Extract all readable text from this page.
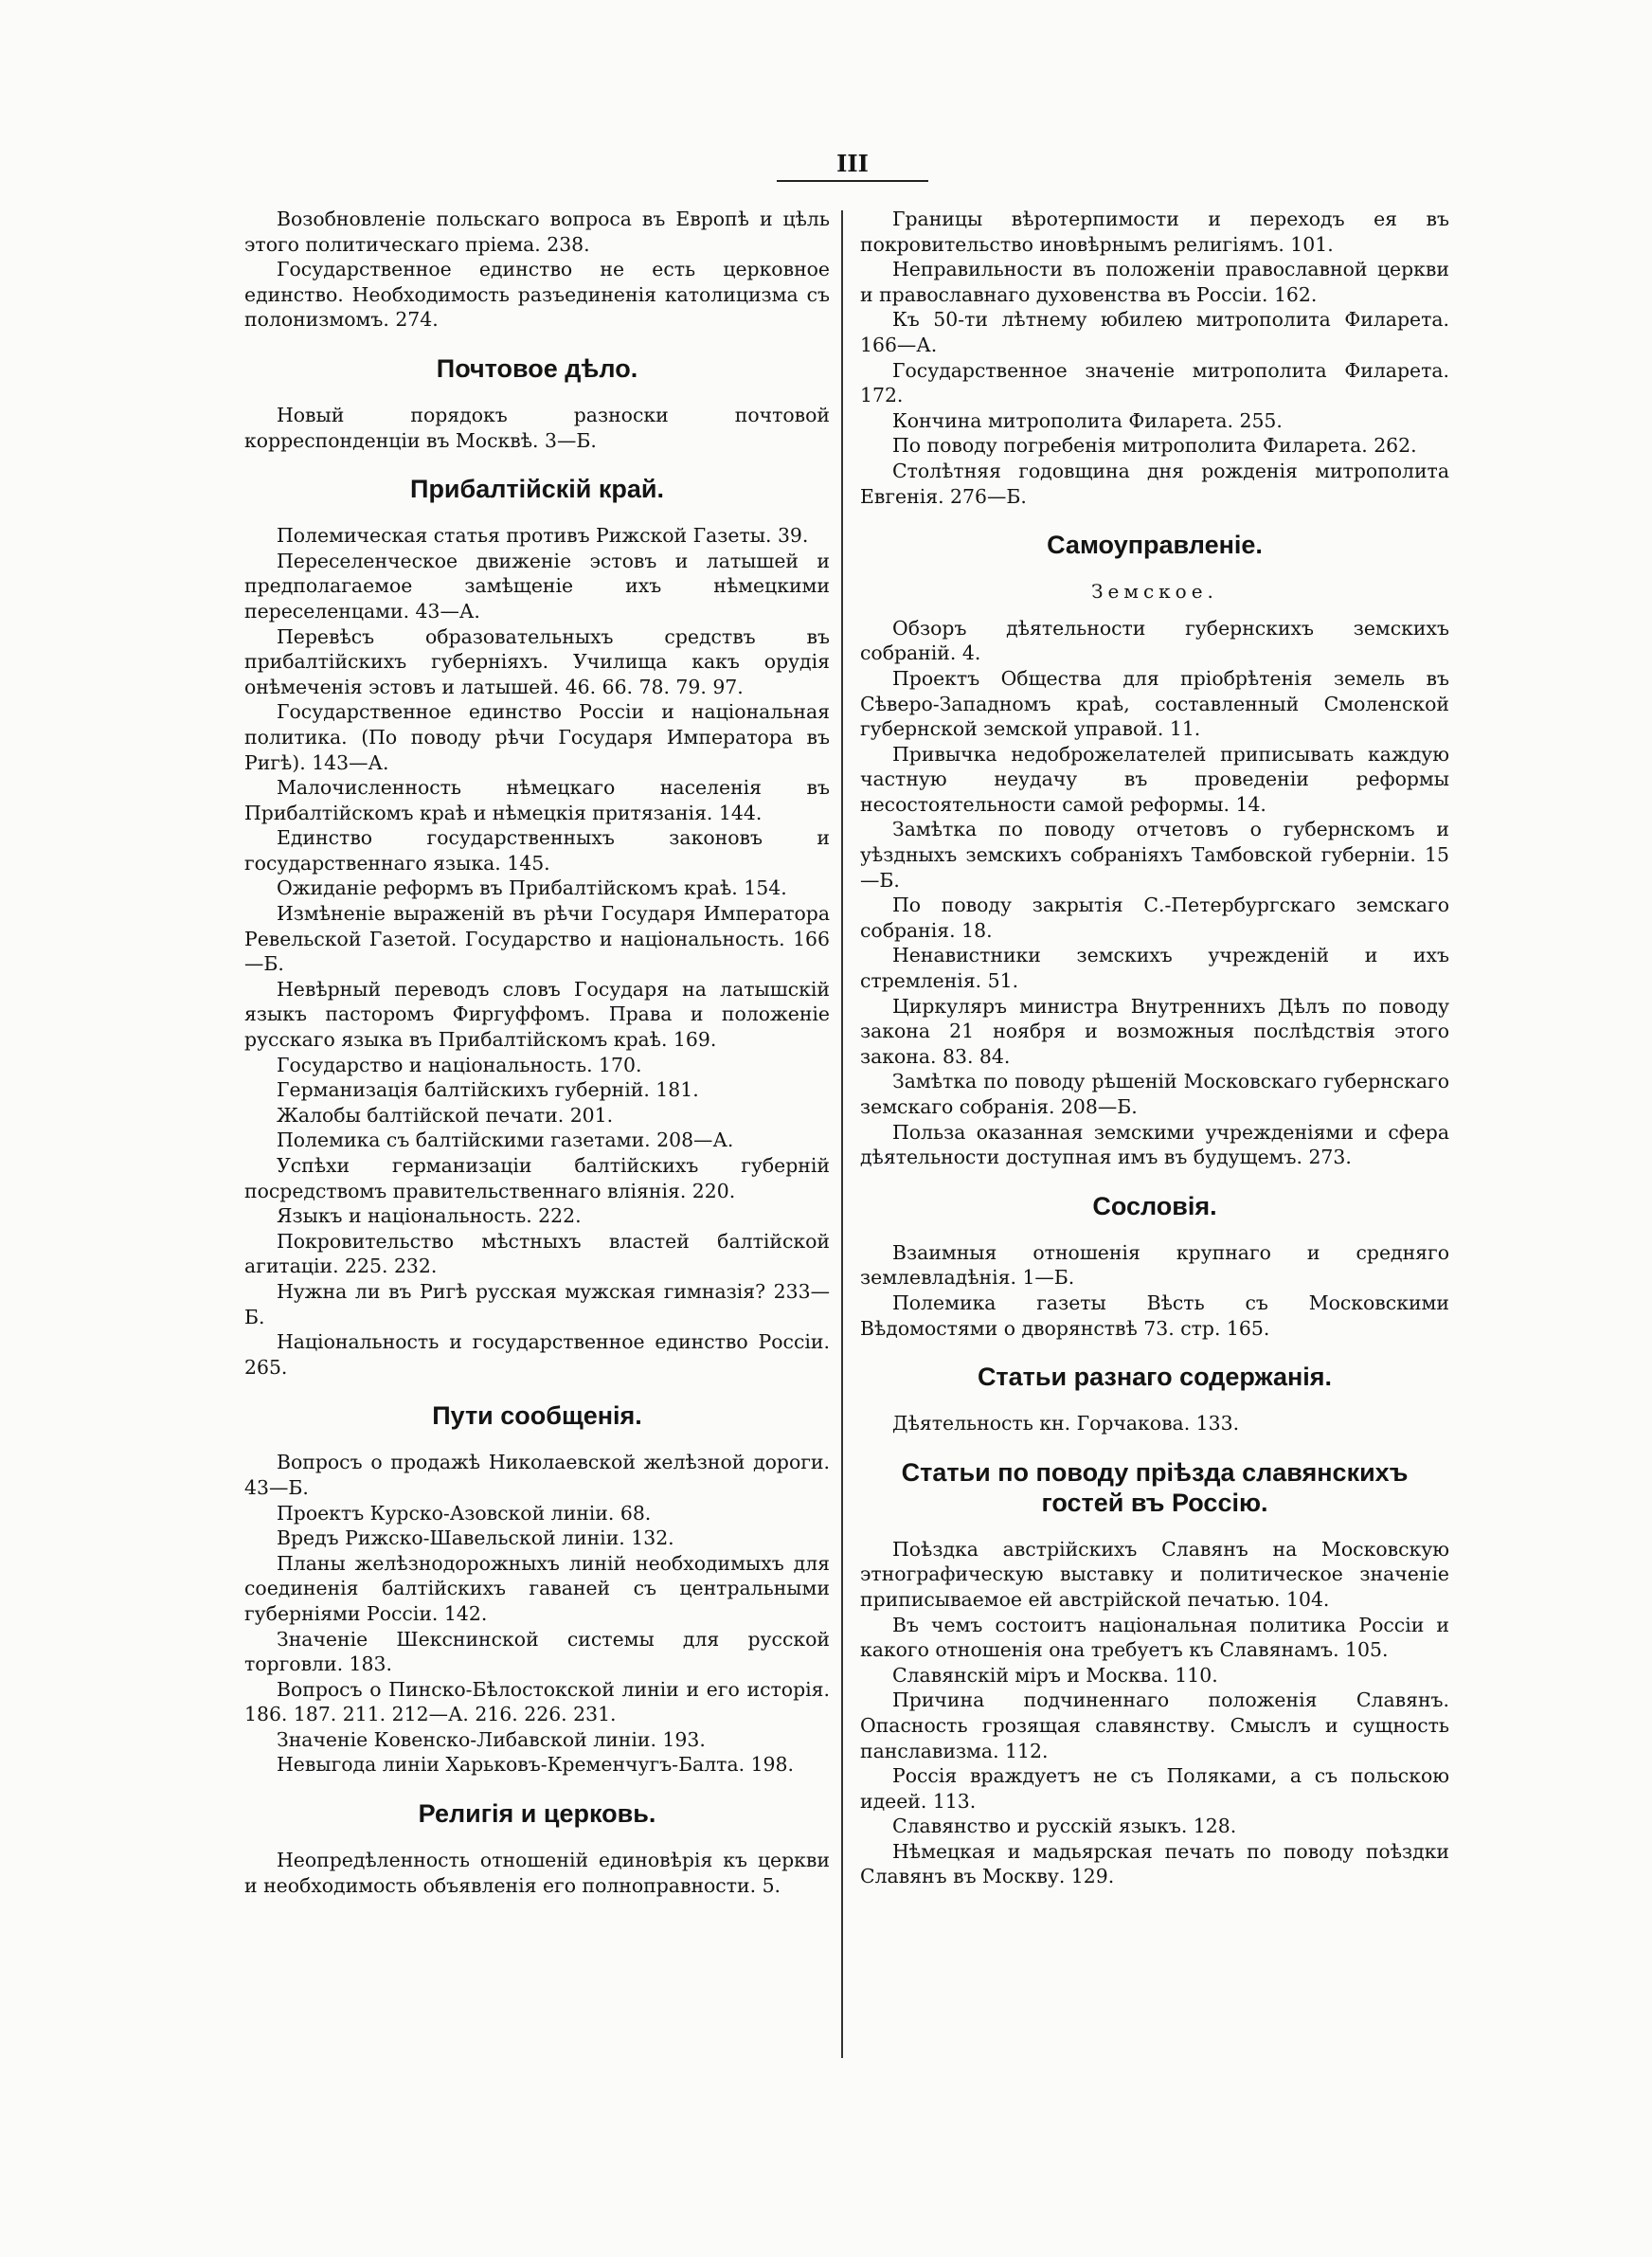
III

Возобновленіе польскаго вопроса въ Европѣ и цѣль этого политическаго пріема. 238.

Государственное единство не есть церковное единство. Необходимость разъединенія католицизма съ полонизмомъ. 274.

Почтовое дѣло.

Новый порядокъ разноски почтовой корреспонденціи въ Москвѣ. 3—Б.

Прибалтійскій край.

Полемическая статья противъ Рижской Газеты. 39.

Переселенческое движеніе эстовъ и латышей и предполагаемое замѣщеніе ихъ нѣмецкими переселенцами. 43—А.

Перевѣсъ образовательныхъ средствъ въ прибалтійскихъ губерніяхъ. Училища какъ орудія онѣмеченія эстовъ и латышей. 46. 66. 78. 79. 97.

Государственное единство Россіи и національная политика. (По поводу рѣчи Государя Императора въ Ригѣ). 143—А.

Малочисленность нѣмецкаго населенія въ Прибалтійскомъ краѣ и нѣмецкія притязанія. 144.

Единство государственныхъ законовъ и государственнаго языка. 145.

Ожиданіе реформъ въ Прибалтійскомъ краѣ. 154.

Измѣненіе выраженій въ рѣчи Государя Императора Ревельской Газетой. Государство и національность. 166—Б.

Невѣрный переводъ словъ Государя на латышскій языкъ пасторомъ Фиргуффомъ. Права и положеніе русскаго языка въ Прибалтійскомъ краѣ. 169.

Государство и національность. 170.

Германизація балтійскихъ губерній. 181.

Жалобы балтійской печати. 201.

Полемика съ балтійскими газетами. 208—А.

Успѣхи германизаціи балтійскихъ губерній посредствомъ правительственнаго вліянія. 220.

Языкъ и національность. 222.

Покровительство мѣстныхъ властей балтійской агитаціи. 225. 232.

Нужна ли въ Ригѣ русская мужская гимназія? 233—Б.

Національность и государственное единство Россіи. 265.

Пути сообщенія.

Вопросъ о продажѣ Николаевской желѣзной дороги. 43—Б.

Проектъ Курско-Азовской линіи. 68.

Вредъ Рижско-Шавельской линіи. 132.

Планы желѣзнодорожныхъ линій необходимыхъ для соединенія балтійскихъ гаваней съ центральными губерніями Россіи. 142.

Значеніе Шекснинской системы для русской торговли. 183.

Вопросъ о Пинско-Бѣлостокской линіи и его исторія. 186. 187. 211. 212—А. 216. 226. 231.

Значеніе Ковенско-Либавской линіи. 193.

Невыгода линіи Харьковъ-Кременчугъ-Балта. 198.

Религія и церковь.

Неопредѣленность отношеній единовѣрія къ церкви и необходимость объявленія его полноправности. 5.

Границы вѣротерпимости и переходъ ея въ покровительство иновѣрнымъ религіямъ. 101.

Неправильности въ положеніи православной церкви и православнаго духовенства въ Россіи. 162.

Къ 50-ти лѣтнему юбилею митрополита Филарета. 166—А.

Государственное значеніе митрополита Филарета. 172.

Кончина митрополита Филарета. 255.

По поводу погребенія митрополита Филарета. 262.

Столѣтняя годовщина дня рожденія митрополита Евгенія. 276—Б.

Самоуправленіе.
Земское.

Обзоръ дѣятельности губернскихъ земскихъ собраній. 4.

Проектъ Общества для пріобрѣтенія земель въ Сѣверо-Западномъ краѣ, составленный Смоленской губернской земской управой. 11.

Привычка недоброжелателей приписывать каждую частную неудачу въ проведеніи реформы несостоятельности самой реформы. 14.

Замѣтка по поводу отчетовъ о губернскомъ и уѣздныхъ земскихъ собраніяхъ Тамбовской губерніи. 15—Б.

По поводу закрытія С.-Петербургскаго земскаго собранія. 18.

Ненавистники земскихъ учрежденій и ихъ стремленія. 51.

Циркуляръ министра Внутреннихъ Дѣлъ по поводу закона 21 ноября и возможныя послѣдствія этого закона. 83. 84.

Замѣтка по поводу рѣшеній Московскаго губернскаго земскаго собранія. 208—Б.

Польза оказанная земскими учрежденіями и сфера дѣятельности доступная имъ въ будущемъ. 273.

Сословія.

Взаимныя отношенія крупнаго и средняго землевладѣнія. 1—Б.

Полемика газеты Вѣсть съ Московскими Вѣдомостями о дворянствѣ 73. стр. 165.

Статьи разнаго содержанія.

Дѣятельность кн. Горчакова. 133.

Статьи по поводу пріѣзда славянскихъ гостей въ Россію.

Поѣздка австрійскихъ Славянъ на Московскую этнографическую выставку и политическое значеніе приписываемое ей австрійской печатью. 104.

Въ чемъ состоитъ національная политика Россіи и какого отношенія она требуетъ къ Славянамъ. 105.

Славянскій міръ и Москва. 110.

Причина подчиненнаго положенія Славянъ. Опасность грозящая славянству. Смыслъ и сущность панславизма. 112.

Россія враждуетъ не съ Поляками, а съ польскою идеей. 113.

Славянство и русскій языкъ. 128.

Нѣмецкая и мадьярская печать по поводу поѣздки Славянъ въ Москву. 129.
